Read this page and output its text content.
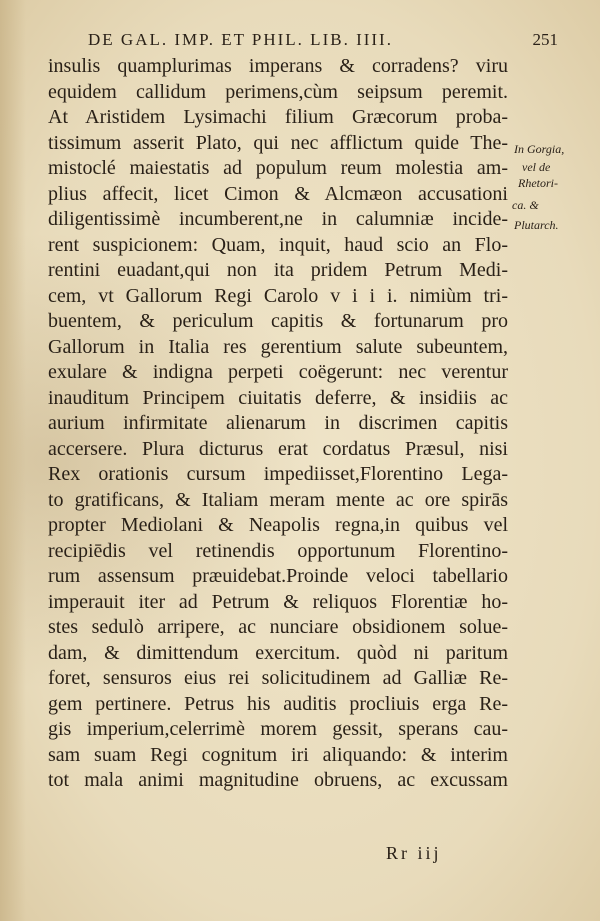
DE GAL. IMP. ET PHIL. LIB. IIII.	251
insulis quamplurimas imperans & corradens? viru
equidem callidum perimens,cùm seipsum peremit.
At Aristidem Lysimachi filium Græcorum proba-
tissimum asserit Plato, qui nec afflictum quide The-
mistoclé maiestatis ad populum reum molestia am-
plius affecit, licet Cimon & Alcmæon accusationi
diligentissimè incumberent,ne in calumniæ incide-
rent suspicionem: Quam, inquit, haud scio an Flo-
rentini euadant,qui non ita pridem Petrum Medi-
cem, vt Gallorum Regi Carolo v i i i. nimiùm tri-
buentem, & periculum capitis & fortunarum pro
Gallorum in Italia res gerentium salute subeuntem,
exulare & indigna perpeti coëgerunt: nec verentur
inauditum Principem ciuitatis deferre, & insidiis ac
aurium infirmitate alienarum in discrimen capitis
accersere. Plura dicturus erat cordatus Præsul, nisi
Rex orationis cursum impediisset,Florentino Lega-
to gratificans, & Italiam meram mente ac ore spirās
propter Mediolani & Neapolis regna,in quibus vel
recipiēdis vel retinendis opportunum Florentino-
rum assensum præuidebat.Proinde veloci tabellario
imperauit iter ad Petrum & reliquos Florentiæ ho-
stes sedulò arripere, ac nunciare obsidionem solue-
dam, & dimittendum exercitum. quòd ni paritum
foret, sensuros eius rei solicitudinem ad Galliæ Re-
gem pertinere. Petrus his auditis procliuis erga Re-
gis imperium,celerrimè morem gessit, sperans cau-
sam suam Regi cognitum iri aliquando: & interim
tot mala animi magnitudine obruens, ac excussam
In Gorgia,
vel de
Rhetori-
ca. &
Plutarch.
Rr iij
